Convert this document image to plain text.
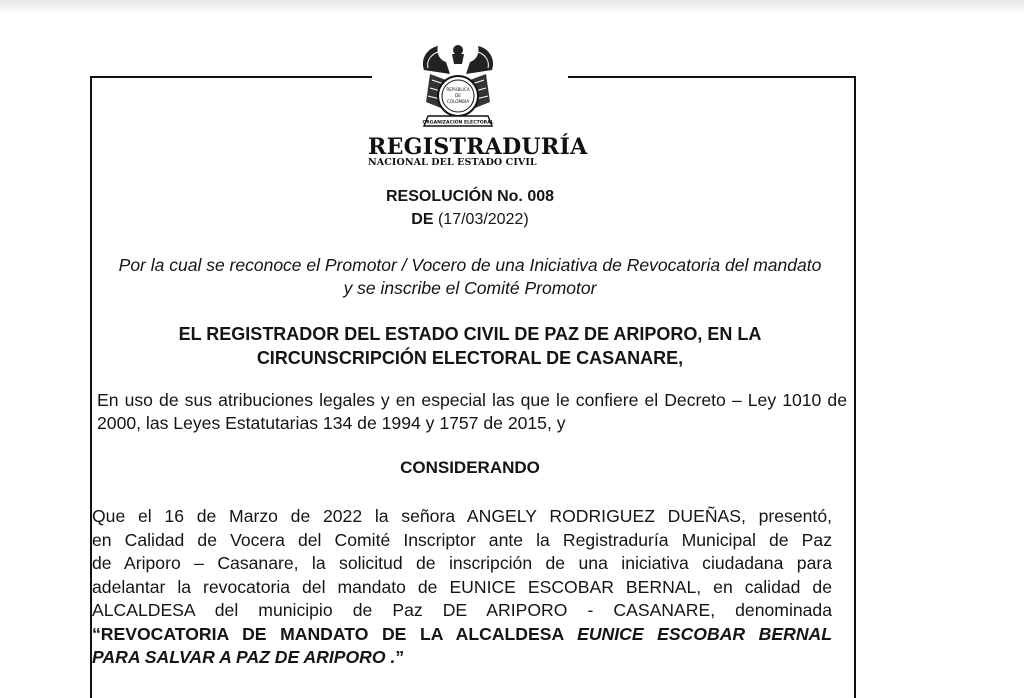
REPÚBLICA
DE
COLOMBIA
ORGANIZACIÓN ELECTORAL
REGISTRADURÍA
NACIONAL DEL ESTADO CIVIL
RESOLUCIÓN No. 008
DE (17/03/2022)
Por la cual se reconoce el Promotor / Vocero de una Iniciativa de Revocatoria del mandato y se inscribe el Comité Promotor
EL REGISTRADOR DEL ESTADO CIVIL DE PAZ DE ARIPORO, EN LA CIRCUNSCRIPCIÓN ELECTORAL DE CASANARE,
En uso de sus atribuciones legales y en especial las que le confiere el Decreto – Ley 1010 de 2000, las Leyes Estatutarias 134 de 1994 y 1757 de 2015, y
CONSIDERANDO
Que el 16 de Marzo de 2022 la señora ANGELY RODRIGUEZ DUEÑAS, presentó,
en Calidad de Vocera del Comité Inscriptor ante la Registraduría Municipal de Paz
de Ariporo – Casanare, la solicitud de inscripción de una iniciativa ciudadana para
adelantar la revocatoria del mandato de EUNICE ESCOBAR BERNAL, en calidad de
ALCALDESA del municipio de Paz DE ARIPORO - CASANARE, denominada
“REVOCATORIA DE MANDATO DE LA ALCALDESA EUNICE ESCOBAR BERNAL
PARA SALVAR A PAZ DE ARIPORO .”
